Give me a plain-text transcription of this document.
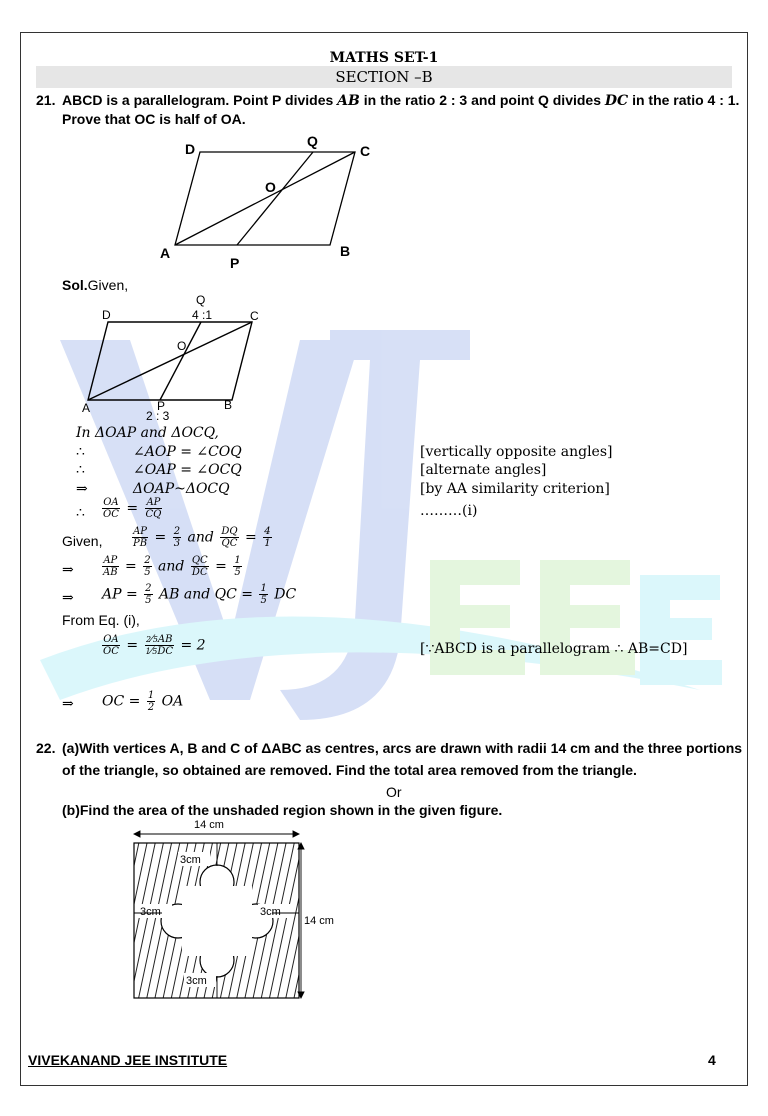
MATHS SET-1
SECTION –B
21. ABCD is a parallelogram. Point P divides AB in the ratio 2 : 3 and point Q divides DC in the ratio 4 : 1.
Prove that OC is half of OA.
D	Q
C
O
A	B
P
Sol.Given,
D
Q
4 :1	C
O
A	P	B
2 : 3
In ΔOAP and ΔOCQ,
∴	∠AOP = ∠COQ	[vertically opposite angles]
∴	∠OAP = ∠OCQ	[alternate angles]
⇒	ΔOAP~ΔOCQ	[by AA similarity criterion]
∴ $\frac{OA}{OC} = \frac{AP}{CQ}$	………(i)
Given,	$\frac{AP}{PB} = \frac{2}{3}$ and $\frac{DQ}{QC} = \frac{4}{1}$
⇒	$\frac{AP}{AB} = \frac{2}{5}$ and $\frac{QC}{DC} = \frac{1}{5}$
⇒ AP = $\frac{2}{5}$ AB and QC = $\frac{1}{5}$ DC
From Eq. (i),
$\frac{OA}{OC} = \frac{2⁄5AB}{1⁄5DC} = 2$	[∵ABCD is a parallelogram ∴ AB=CD]
⇒ OC = $\frac{1}{2}$ OA
22. (a)With vertices A, B and C of ΔABC as centres, arcs are drawn with radii 14 cm and the three portions
of the triangle, so obtained are removed. Find the total area removed from the triangle.
Or
(b)Find the area of the unshaded region shown in the given figure.
3cm
3cm	3cm
3cm
14 cm
14 cm
VIVEKANAND JEE INSTITUTE	4
